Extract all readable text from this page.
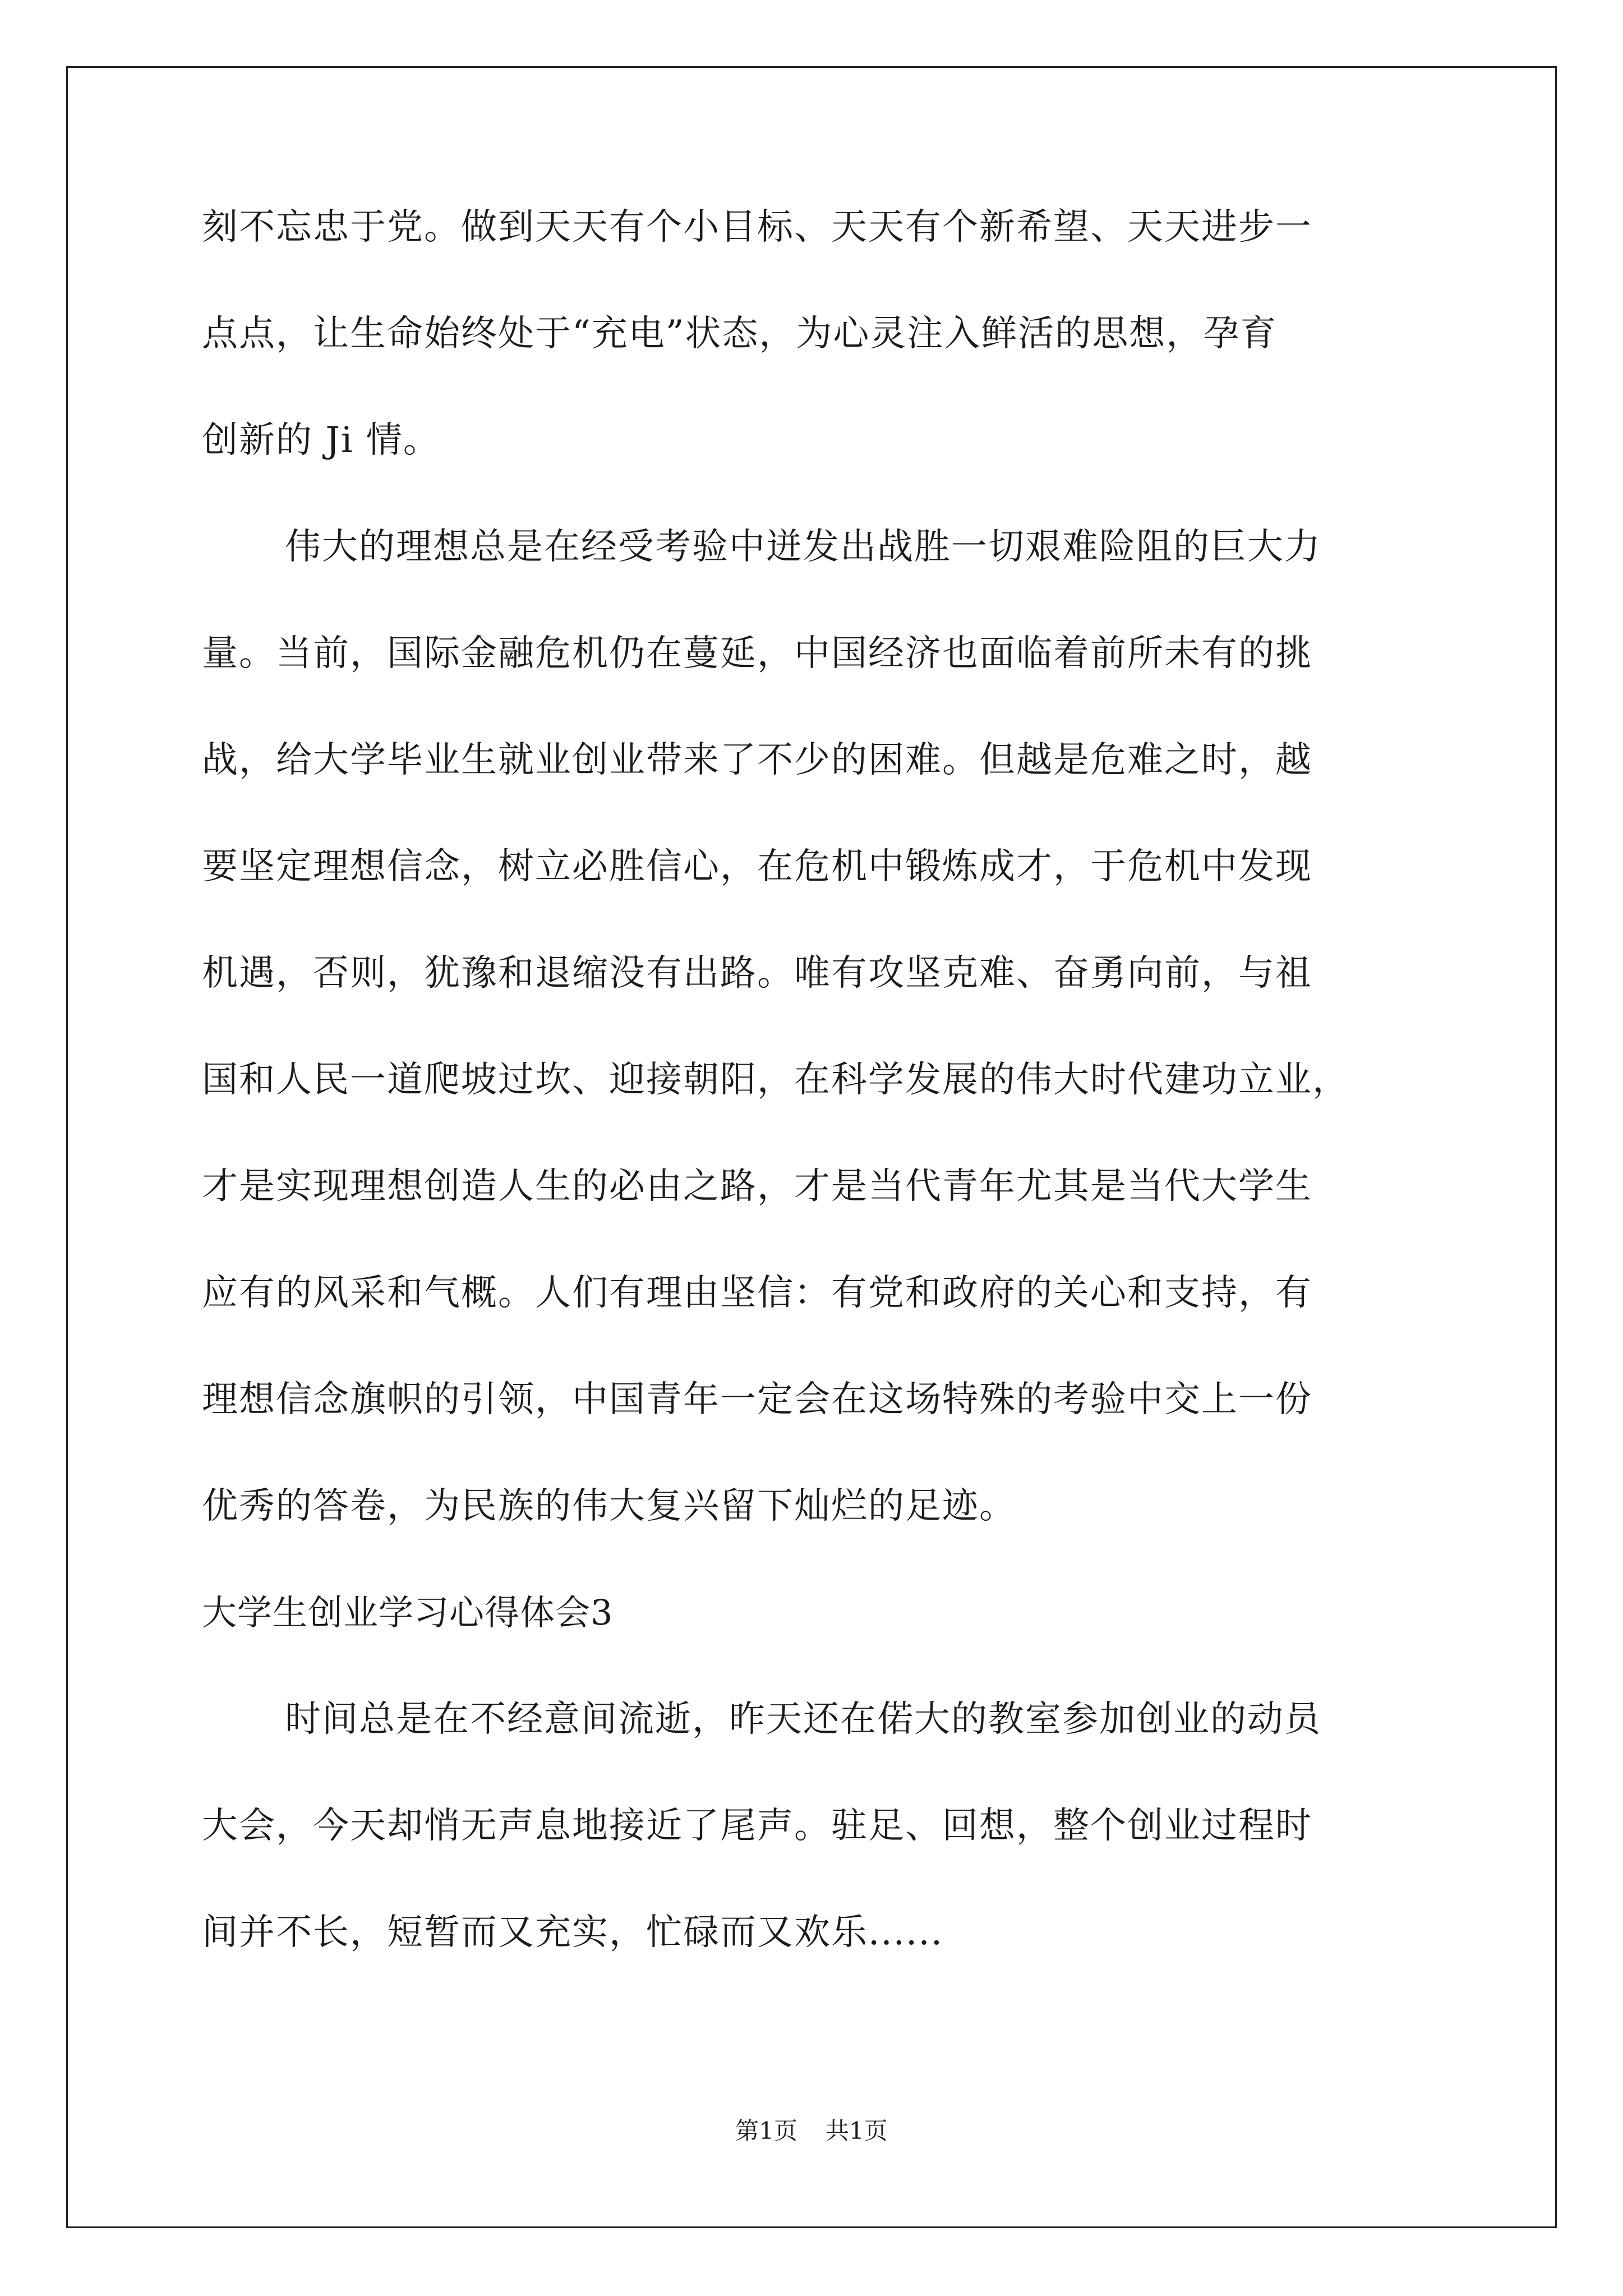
刻不忘忠于党。做到天天有个小目标、天天有个新希望、天天进步一
点点，让生命始终处于“充电”状态，为心灵注入鲜活的思想，孕育
创新的 Ji 情。
伟大的理想总是在经受考验中迸发出战胜一切艰难险阻的巨大力
量。当前，国际金融危机仍在蔓延，中国经济也面临着前所未有的挑
战，给大学毕业生就业创业带来了不少的困难。但越是危难之时，越
要坚定理想信念，树立必胜信心，在危机中锻炼成才，于危机中发现
机遇，否则，犹豫和退缩没有出路。唯有攻坚克难、奋勇向前，与祖
国和人民一道爬坡过坎、迎接朝阳，在科学发展的伟大时代建功立业，
才是实现理想创造人生的必由之路，才是当代青年尤其是当代大学生
应有的风采和气概。人们有理由坚信：有党和政府的关心和支持，有
理想信念旗帜的引领，中国青年一定会在这场特殊的考验中交上一份
优秀的答卷，为民族的伟大复兴留下灿烂的足迹。
大学生创业学习心得体会3
时间总是在不经意间流逝，昨天还在偌大的教室参加创业的动员
大会，今天却悄无声息地接近了尾声。驻足、回想，整个创业过程时
间并不长，短暂而又充实，忙碌而又欢乐......
第1页 共1页
